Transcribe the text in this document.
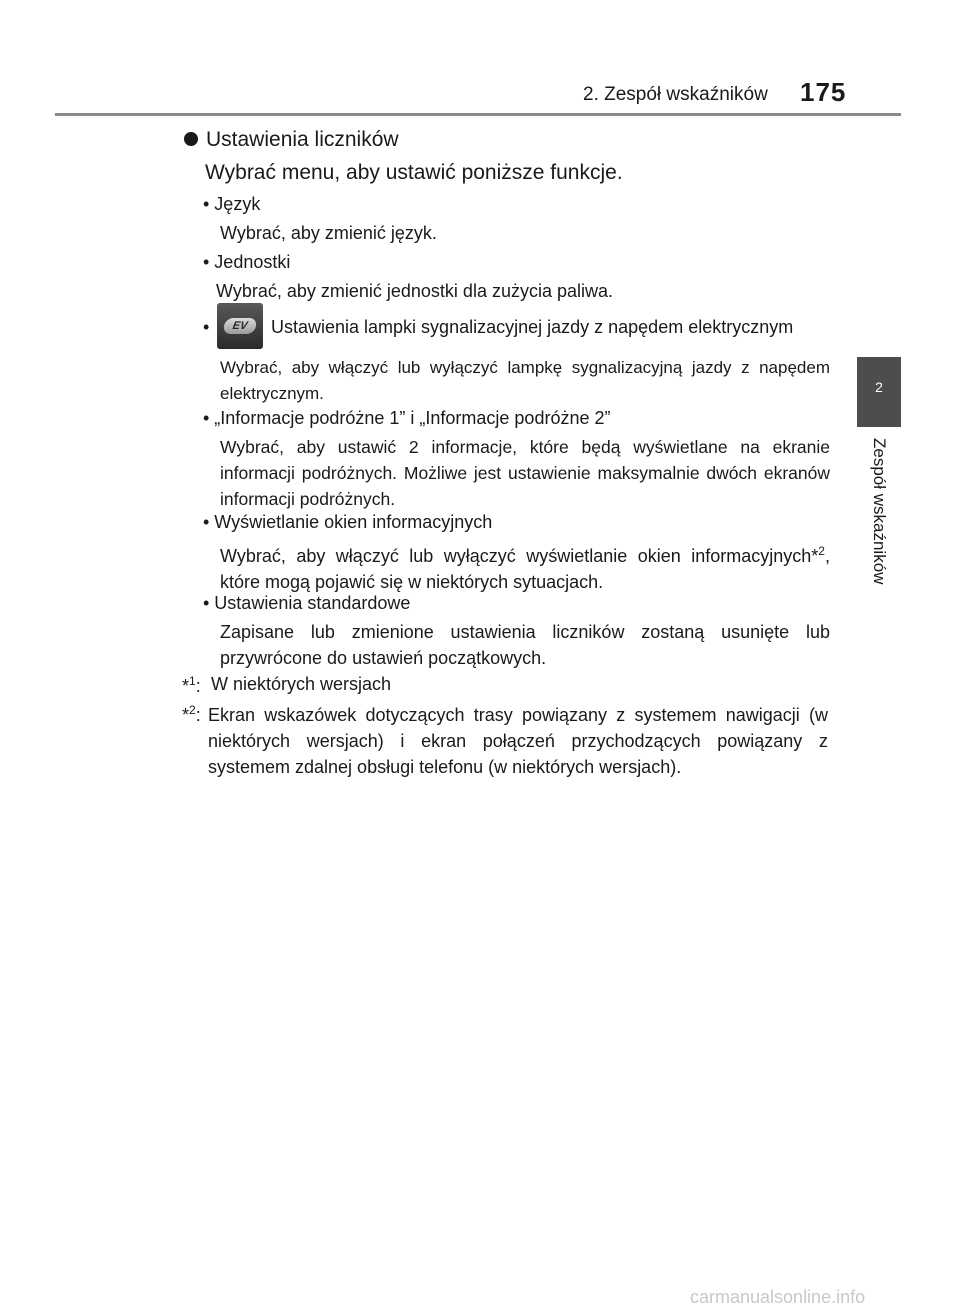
2. Zespół wskaźników 175
2
Zespół wskaźników
Ustawienia liczników
Wybrać menu, aby ustawić poniższe funkcje.
• Język
Wybrać, aby zmienić język.
• Jednostki
Wybrać, aby zmienić jednostki dla zużycia paliwa.
•	EV	Ustawienia lampki sygnalizacyjnej jazdy z napędem elektrycznym
Wybrać, aby włączyć lub wyłączyć lampkę sygnalizacyjną jazdy z napędem elektrycznym.
• „Informacje podróżne 1” i „Informacje podróżne 2”
Wybrać, aby ustawić 2 informacje, które będą wyświetlane na ekranie informacji podróżnych. Możliwe jest ustawienie maksymalnie dwóch ekranów informacji podróżnych.
• Wyświetlanie okien informacyjnych
Wybrać, aby włączyć lub wyłączyć wyświetlanie okien informacyjnych*$^2$, które mogą pojawić się w niektórych sytuacjach.
• Ustawienia standardowe
Zapisane lub zmienione ustawienia liczników zostaną usunięte lub przywrócone do ustawień początkowych.
*$^1$: W niektórych wersjach
*$^2$: Ekran wskazówek dotyczących trasy powiązany z systemem nawigacji (w niektórych wersjach) i ekran połączeń przychodzących powiązany z systemem zdalnej obsługi telefonu (w niektórych wersjach).
carmanualsonline.info
